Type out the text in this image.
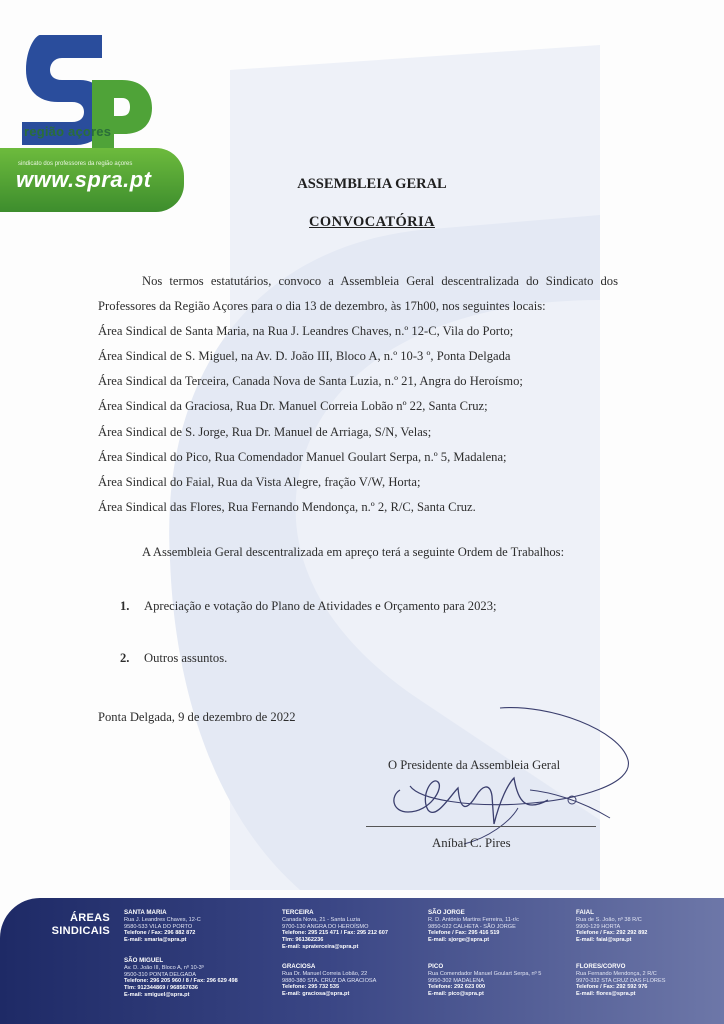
região açores
sindicato dos professores da região açores
www.spra.pt	ASSEMBLEIA GERAL
CONVOCATÓRIA
Nos termos estatutários, convoco a Assembleia Geral descentralizada do Sindicato dos Professores da Região Açores para o dia 13 de dezembro, às 17h00, nos seguintes locais:
Área Sindical de Santa Maria, na Rua J. Leandres Chaves, n.º 12-C, Vila do Porto;
Área Sindical de S. Miguel, na Av. D. João III, Bloco A, n.º 10-3 º, Ponta Delgada
Área Sindical da Terceira, Canada Nova de Santa Luzia, n.º 21, Angra do Heroísmo;
Área Sindical da Graciosa, Rua Dr. Manuel Correia Lobão nº 22, Santa Cruz;
Área Sindical de S. Jorge, Rua Dr. Manuel de Arriaga, S/N, Velas;
Área Sindical do Pico, Rua Comendador Manuel Goulart Serpa, n.º 5, Madalena;
Área Sindical do Faial, Rua da Vista Alegre, fração V/W, Horta;
Área Sindical das Flores, Rua Fernando Mendonça, n.º 2, R/C, Santa Cruz.
A Assembleia Geral descentralizada em apreço terá a seguinte Ordem de Trabalhos:
1. Apreciação e votação do Plano de Atividades e Orçamento para 2023;
2. Outros assuntos.
Ponta Delgada, 9 de dezembro de 2022
O Presidente da Assembleia Geral
Aníbal C. Pires
ÁREAS
SINDICAIS
SANTA MARIA
Rua J. Leandres Chaves, 12-C
9580-533 VILA DO PORTO
Telefone / Fax: 296 882 872
E-mail: smaria@spra.pt
SÃO MIGUEL
Av. D. João III, Bloco A, nº 10-3º
9500-310 PONTA DELGADA
Telefone: 296 205 960 / 8 / Fax: 296 629 498
Tlm: 912344869 / 968567636
E-mail: smiguel@spra.pt
TERCEIRA
Canada Nova, 21 - Santa Luzia
9700-130 ANGRA DO HEROÍSMO
Telefone: 295 215 471 / Fax: 295 212 607
Tlm: 961362236
E-mail: spraterceira@spra.pt
GRACIOSA
Rua Dr. Manuel Correia Lobão, 22
9880-380 STA. CRUZ DA GRACIOSA
Telefone: 295 732 535
E-mail: graciosa@spra.pt
SÃO JORGE
R. D. António Martins Ferreira, 11-r/c
9850-022 CALHETA - SÃO JORGE
Telefone / Fax: 295 416 519
E-mail: sjorge@spra.pt
PICO
Rua Comendador Manuel Goulart Serpa, nº 5
9950-302 MADALENA
Telefone: 292 623 000
E-mail: pico@spra.pt
FAIAL
Rua de S. João, nº 38 R/C
9900-129 HORTA
Telefone / Fax: 292 292 892
E-mail: faial@spra.pt
FLORES/CORVO
Rua Fernando Mendonça, 2 R/C
9970-332 STA CRUZ DAS FLORES
Telefone / Fax: 292 592 976
E-mail: flores@spra.pt
